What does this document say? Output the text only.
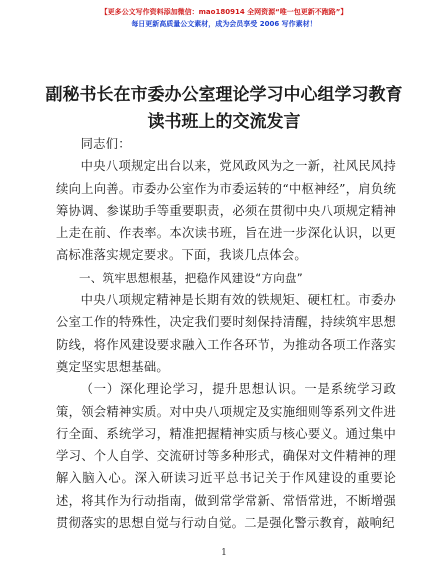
【更多公文写作资料添加微信：mao180914 全网资源“唯一包更新不跑路”】
每日更新高质量公文素材，成为会员享受 2006 写作素材！
副秘书长在市委办公室理论学习中心组学习教育读书班上的交流发言

同志们：

中央八项规定出台以来，党风政风为之一新，社风民风持续向上向善。市委办公室作为市委运转的“中枢神经”，肩负统筹协调、参谋助手等重要职责，必须在贯彻中央八项规定精神上走在前、作表率。本次读书班，旨在进一步深化认识，以更高标准落实规定要求。下面，我谈几点体会。

一、筑牢思想根基，把稳作风建设“方向盘”

中央八项规定精神是长期有效的铁规矩、硬杠杠。市委办公室工作的特殊性，决定我们要时刻保持清醒，持续筑牢思想防线，将作风建设要求融入工作各环节，为推动各项工作落实奠定坚实思想基础。

（一）深化理论学习，提升思想认识。一是系统学习政策，领会精神实质。对中央八项规定及实施细则等系列文件进行全面、系统学习，精准把握精神实质与核心要义。通过集中学习、个人自学、交流研讨等多种形式，确保对文件精神的理解入脑入心。深入研读习近平总书记关于作风建设的重要论述，将其作为行动指南，做到常学常新、常悟常进，不断增强贯彻落实的思想自觉与行动自觉。二是强化警示教育，敲响纪

1
